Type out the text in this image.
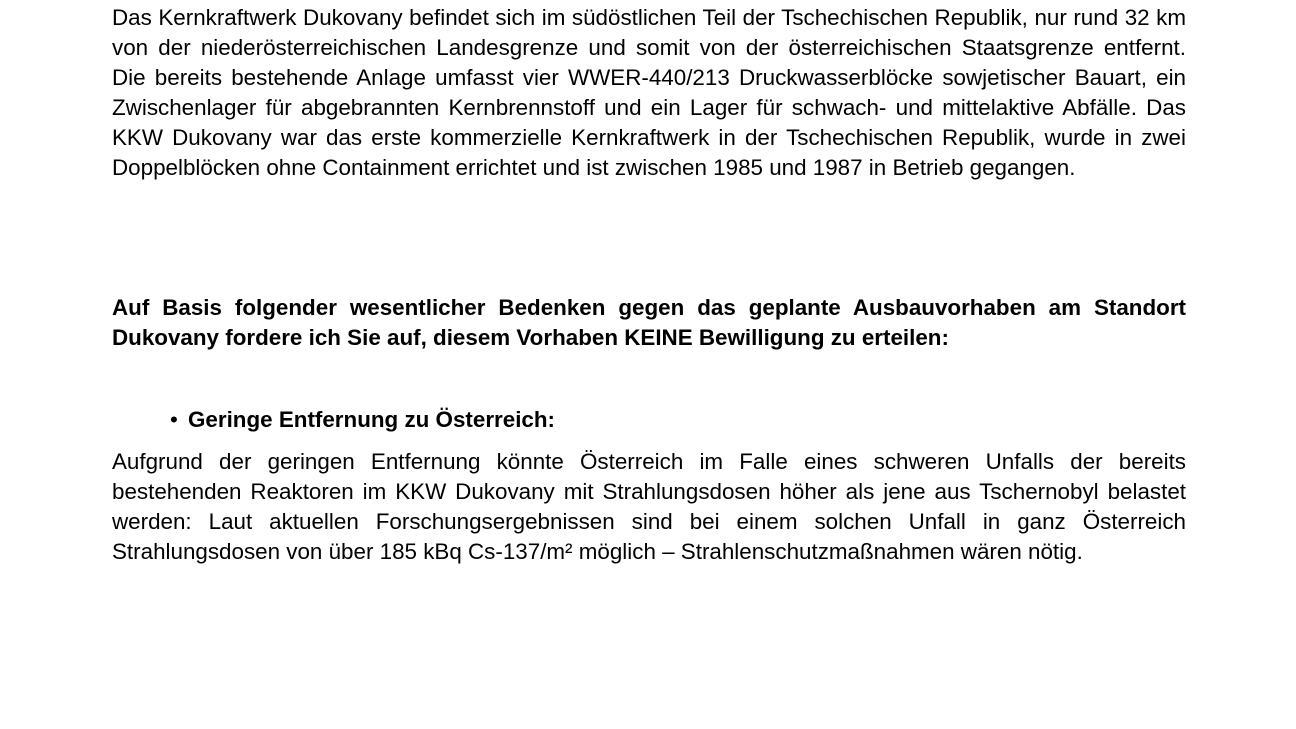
Das Kernkraftwerk Dukovany befindet sich im südöstlichen Teil der Tschechischen Republik, nur rund 32 km von der niederösterreichischen Landesgrenze und somit von der österreichischen Staatsgrenze entfernt. Die bereits bestehende Anlage umfasst vier WWER-440/213 Druckwasserblöcke sowjetischer Bauart, ein Zwischenlager für abgebrannten Kernbrennstoff und ein Lager für schwach- und mittelaktive Abfälle. Das KKW Dukovany war das erste kommerzielle Kernkraftwerk in der Tschechischen Republik, wurde in zwei Doppelblöcken ohne Containment errichtet und ist zwischen 1985 und 1987 in Betrieb gegangen.

Auf Basis folgender wesentlicher Bedenken gegen das geplante Ausbauvorhaben am Standort Dukovany fordere ich Sie auf, diesem Vorhaben KEINE Bewilligung zu erteilen:

• Geringe Entfernung zu Österreich:

Aufgrund der geringen Entfernung könnte Österreich im Falle eines schweren Unfalls der bereits bestehenden Reaktoren im KKW Dukovany mit Strahlungsdosen höher als jene aus Tschernobyl belastet werden: Laut aktuellen Forschungsergebnissen sind bei einem solchen Unfall in ganz Österreich Strahlungsdosen von über 185 kBq Cs-137/m² möglich – Strahlenschutzmaßnahmen wären nötig.
